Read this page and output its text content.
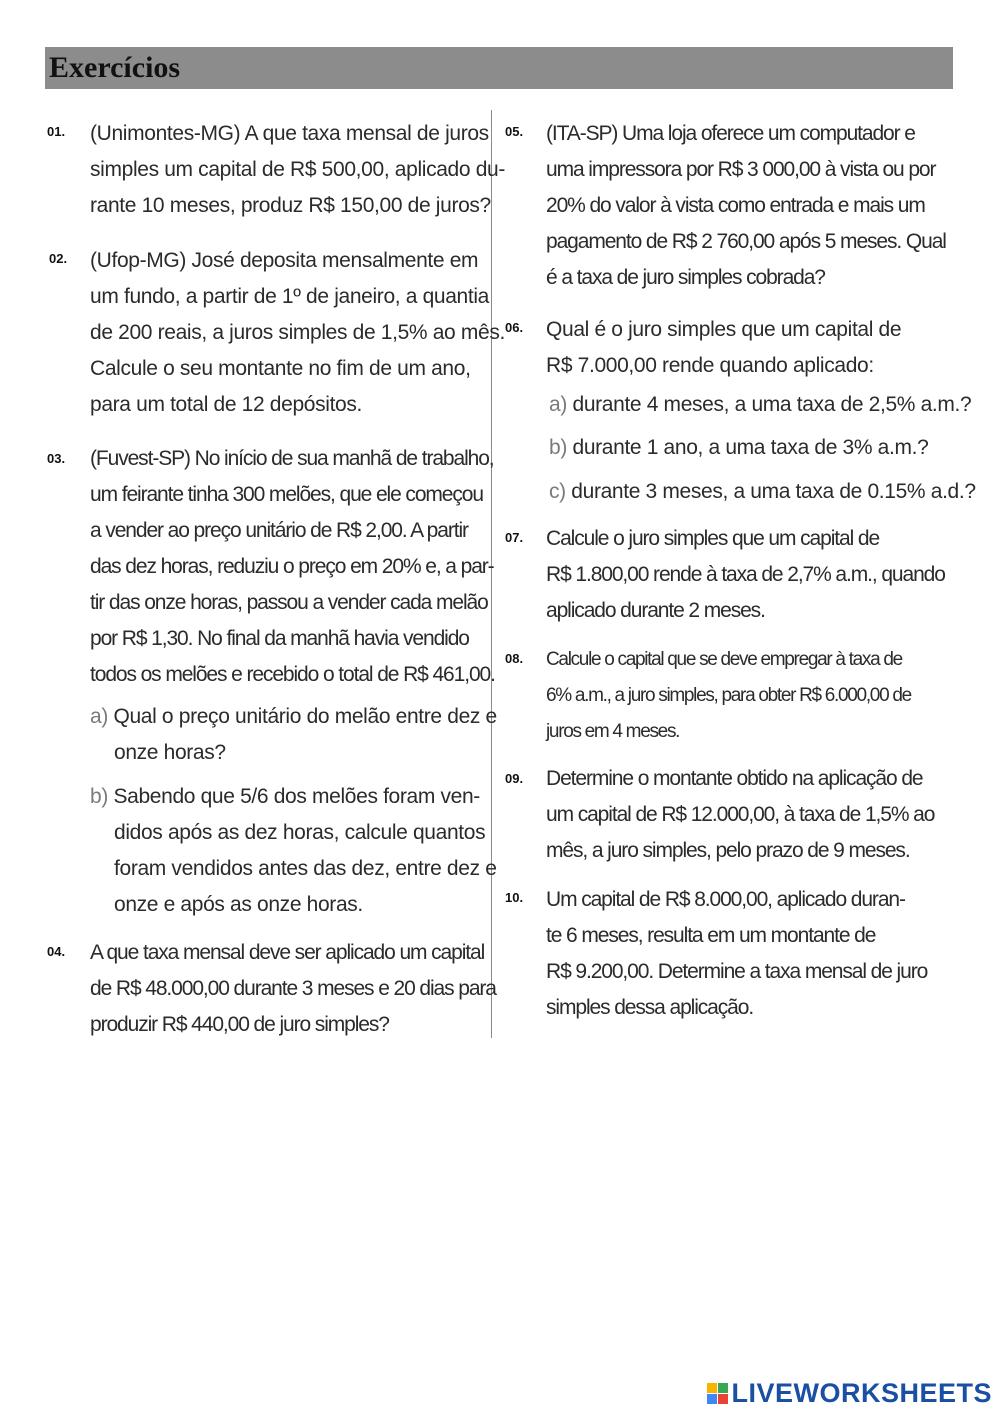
Exercícios
01. (Unimontes-MG) A que taxa mensal de juros

simples um capital de R$ 500,00, aplicado du-

rante 10 meses, produz R$ 150,00 de juros?

02. (Ufop-MG) José deposita mensalmente em

um fundo, a partir de 1º de janeiro, a quantia

de 200 reais, a juros simples de 1,5% ao mês.

Calcule o seu montante no fim de um ano,

para um total de 12 depósitos.

03. (Fuvest-SP) No início de sua manhã de trabalho,

um feirante tinha 300 melões, que ele começou

a vender ao preço unitário de R$ 2,00. A partir

das dez horas, reduziu o preço em 20% e, a par-

tir das onze horas, passou a vender cada melão

por R$ 1,30. No final da manhã havia vendido

todos os melões e recebido o total de R$ 461,00.

a) Qual o preço unitário do melão entre dez e
onze horas?
b) Sabendo que 5/6 dos melões foram ven-

didos após as dez horas, calcule quantos

foram vendidos antes das dez, entre dez e

onze e após as onze horas.

04. A que taxa mensal deve ser aplicado um capital

de R$ 48.000,00 durante 3 meses e 20 dias para

produzir R$ 440,00 de juro simples?

05. (ITA-SP) Uma loja oferece um computador e

uma impressora por R$ 3 000,00 à vista ou por

20% do valor à vista como entrada e mais um

pagamento de R$ 2 760,00 após 5 meses. Qual

é a taxa de juro simples cobrada?

06. Qual é o juro simples que um capital de

R$ 7.000,00 rende quando aplicado:

a) durante 4 meses, a uma taxa de 2,5% a.m.?
b) durante 1 ano, a uma taxa de 3% a.m.?
c) durante 3 meses, a uma taxa de 0.15% a.d.?
07. Calcule o juro simples que um capital de

R$ 1.800,00 rende à taxa de 2,7% a.m., quando

aplicado durante 2 meses.

08. Calcule o capital que se deve empregar à taxa de

6% a.m., a juro simples, para obter R$ 6.000,00 de

juros em 4 meses.

09. Determine o montante obtido na aplicação de

um capital de R$ 12.000,00, à taxa de 1,5% ao

mês, a juro simples, pelo prazo de 9 meses.

10. Um capital de R$ 8.000,00, aplicado duran-

te 6 meses, resulta em um montante de

R$ 9.200,00. Determine a taxa mensal de juro

simples dessa aplicação.

LIVEWORKSHEETS
